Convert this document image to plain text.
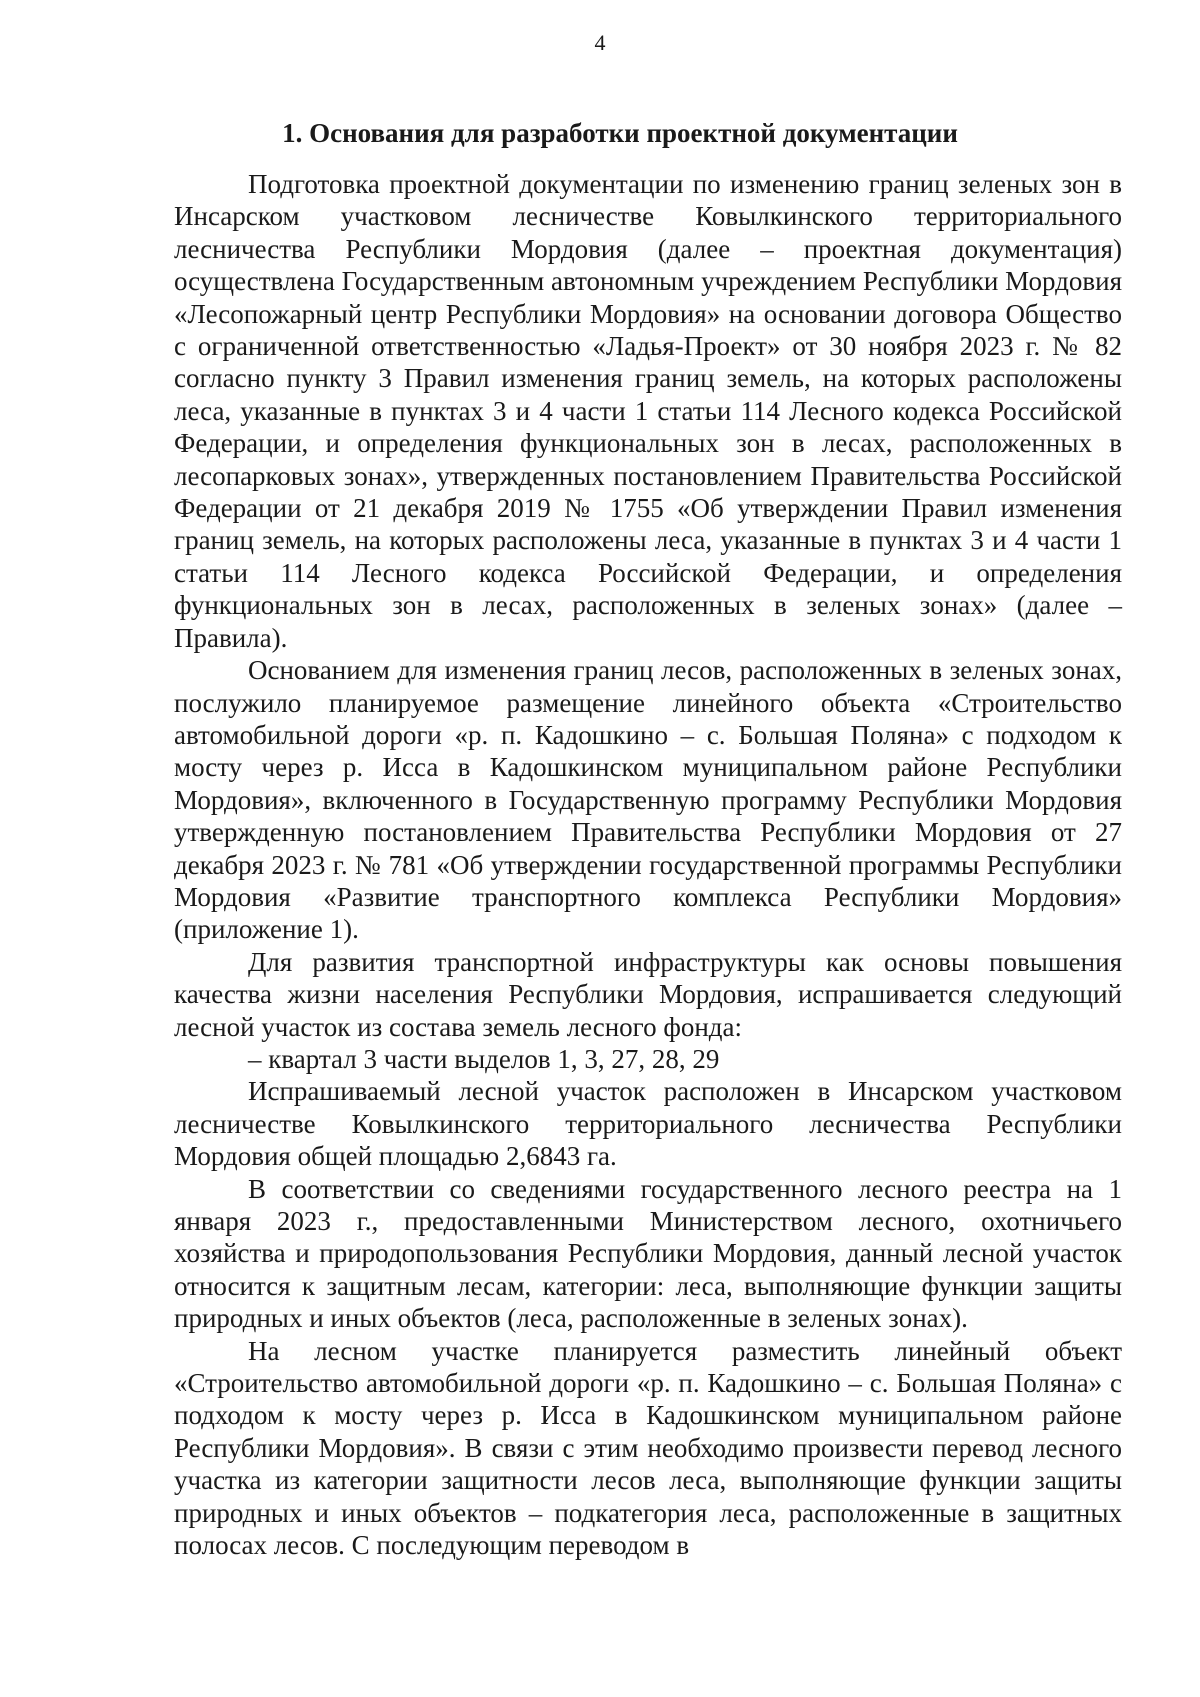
4
1. Основания для разработки проектной документации

Подготовка проектной документации по изменению границ зеленых зон в Инсарском участковом лесничестве Ковылкинского территориального лесничества Республики Мордовия (далее – проектная документация) осуществлена Государственным автономным учреждением Республики Мордовия «Лесопожарный центр Республики Мордовия» на основании договора Общество с ограниченной ответственностью «Ладья-Проект» от 30 ноября 2023 г. № 82 согласно пункту 3 Правил изменения границ земель, на которых расположены леса, указанные в пунктах 3 и 4 части 1 статьи 114 Лесного кодекса Российской Федерации, и определения функциональных зон в лесах, расположенных в лесопарковых зонах», утвержденных постановлением Правительства Российской Федерации от 21 декабря 2019 № 1755 «Об утверждении Правил изменения границ земель, на которых расположены леса, указанные в пунктах 3 и 4 части 1 статьи 114 Лесного кодекса Российской Федерации, и определения функциональных зон в лесах, расположенных в зеленых зонах» (далее – Правила).

Основанием для изменения границ лесов, расположенных в зеленых зонах, послужило планируемое размещение линейного объекта «Строительство автомобильной дороги «р. п. Кадошкино – с. Большая Поляна» с подходом к мосту через р. Исса в Кадошкинском муниципальном районе Республики Мордовия», включенного в Государственную программу Республики Мордовия утвержденную постановлением Правительства Республики Мордовия от 27 декабря 2023 г. № 781 «Об утверждении государственной программы Республики Мордовия «Развитие транспортного комплекса Республики Мордовия» (приложение 1).

Для развития транспортной инфраструктуры как основы повышения качества жизни населения Республики Мордовия, испрашивается следующий лесной участок из состава земель лесного фонда:

– квартал 3 части выделов 1, 3, 27, 28, 29

Испрашиваемый лесной участок расположен в Инсарском участковом лесничестве Ковылкинского территориального лесничества Республики Мордовия общей площадью 2,6843 га.

В соответствии со сведениями государственного лесного реестра на 1 января 2023 г., предоставленными Министерством лесного, охотничьего хозяйства и природопользования Республики Мордовия, данный лесной участок относится к защитным лесам, категории: леса, выполняющие функции защиты природных и иных объектов (леса, расположенные в зеленых зонах).

На лесном участке планируется разместить линейный объект «Строительство автомобильной дороги «р. п. Кадошкино – с. Большая Поляна» с подходом к мосту через р. Исса в Кадошкинском муниципальном районе Республики Мордовия». В связи с этим необходимо произвести перевод лесного участка из категории защитности лесов леса, выполняющие функции защиты природных и иных объектов – подкатегория леса, расположенные в защитных полосах лесов. С последующим переводом в
